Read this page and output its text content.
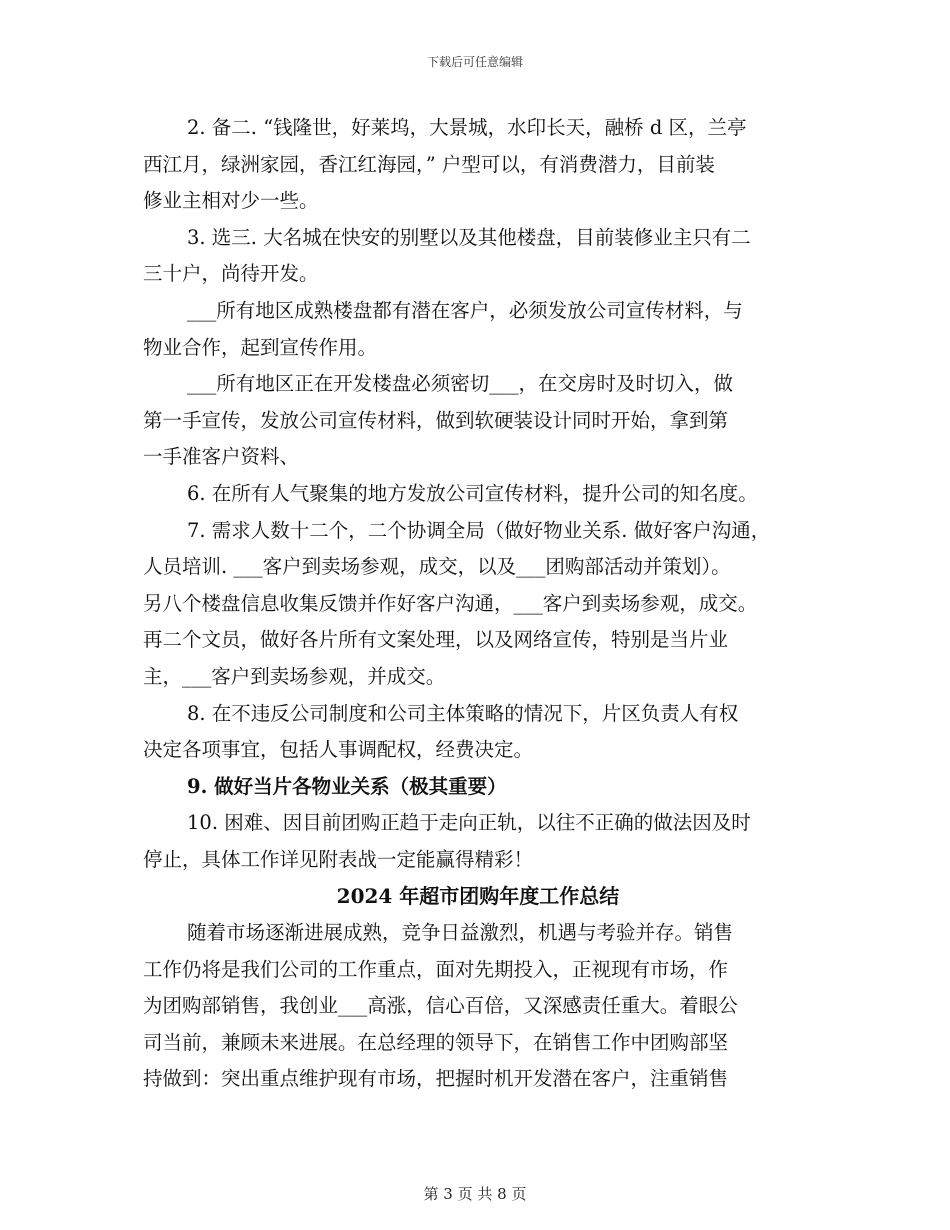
下载后可任意编辑
2. 备二. “钱隆世，好莱坞，大景城，水印长天，融桥 d 区，兰亭
西江月，绿洲家园，香江红海园，” 户型可以，有消费潜力，目前装
修业主相对少一些。
3. 选三. 大名城在快安的别墅以及其他楼盘，目前装修业主只有二
三十户，尚待开发。
___所有地区成熟楼盘都有潜在客户，必须发放公司宣传材料，与
物业合作，起到宣传作用。
___所有地区正在开发楼盘必须密切___，在交房时及时切入，做
第一手宣传，发放公司宣传材料，做到软硬装设计同时开始，拿到第
一手准客户资料、
6. 在所有人气聚集的地方发放公司宣传材料，提升公司的知名度。
7. 需求人数十二个，二个协调全局（做好物业关系. 做好客户沟通，
人员培训. ___客户到卖场参观，成交，以及___团购部活动并策划）。
另八个楼盘信息收集反馈并作好客户沟通，___客户到卖场参观，成交。
再二个文员，做好各片所有文案处理，以及网络宣传，特别是当片业
主，___客户到卖场参观，并成交。
8. 在不违反公司制度和公司主体策略的情况下，片区负责人有权
决定各项事宜，包括人事调配权，经费决定。
9. 做好当片各物业关系（极其重要）
10. 困难、因目前团购正趋于走向正轨，以往不正确的做法因及时
停止，具体工作详见附表战一定能赢得精彩！
2024 年超市团购年度工作总结
随着市场逐渐进展成熟，竞争日益激烈，机遇与考验并存。销售
工作仍将是我们公司的工作重点，面对先期投入，正视现有市场，作
为团购部销售，我创业___高涨，信心百倍，又深感责任重大。着眼公
司当前，兼顾未来进展。在总经理的领导下，在销售工作中团购部坚
持做到：突出重点维护现有市场，把握时机开发潜在客户，注重销售
第 3 页 共 8 页
